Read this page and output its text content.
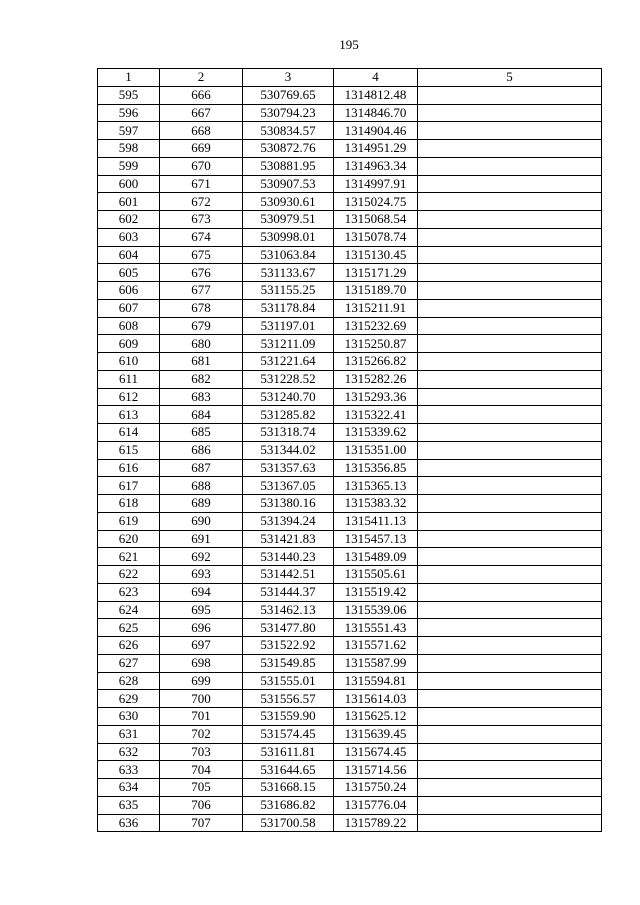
195
1	2	3	4	5
595	666	530769.65	1314812.48	
596	667	530794.23	1314846.70	
597	668	530834.57	1314904.46	
598	669	530872.76	1314951.29	
599	670	530881.95	1314963.34	
600	671	530907.53	1314997.91	
601	672	530930.61	1315024.75	
602	673	530979.51	1315068.54	
603	674	530998.01	1315078.74	
604	675	531063.84	1315130.45	
605	676	531133.67	1315171.29	
606	677	531155.25	1315189.70	
607	678	531178.84	1315211.91	
608	679	531197.01	1315232.69	
609	680	531211.09	1315250.87	
610	681	531221.64	1315266.82	
611	682	531228.52	1315282.26	
612	683	531240.70	1315293.36	
613	684	531285.82	1315322.41	
614	685	531318.74	1315339.62	
615	686	531344.02	1315351.00	
616	687	531357.63	1315356.85	
617	688	531367.05	1315365.13	
618	689	531380.16	1315383.32	
619	690	531394.24	1315411.13	
620	691	531421.83	1315457.13	
621	692	531440.23	1315489.09	
622	693	531442.51	1315505.61	
623	694	531444.37	1315519.42	
624	695	531462.13	1315539.06	
625	696	531477.80	1315551.43	
626	697	531522.92	1315571.62	
627	698	531549.85	1315587.99	
628	699	531555.01	1315594.81	
629	700	531556.57	1315614.03	
630	701	531559.90	1315625.12	
631	702	531574.45	1315639.45	
632	703	531611.81	1315674.45	
633	704	531644.65	1315714.56	
634	705	531668.15	1315750.24	
635	706	531686.82	1315776.04	
636	707	531700.58	1315789.22	
